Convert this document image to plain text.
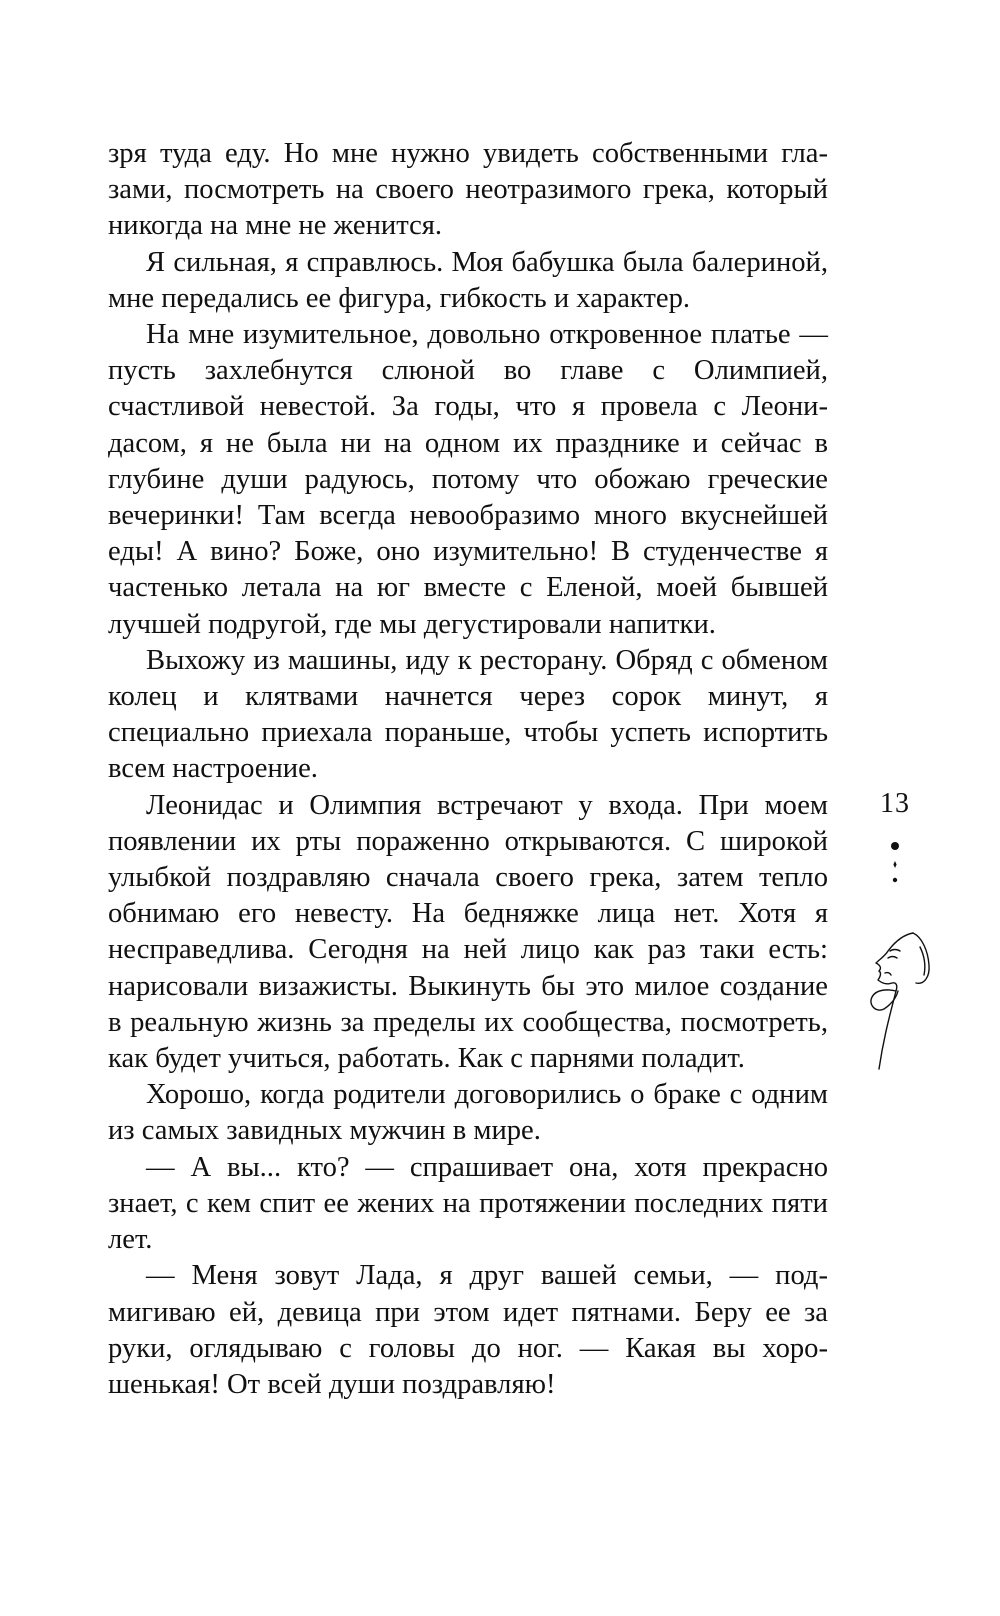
зря туда еду. Но мне нужно увидеть собственными глазами, посмотреть на своего неотразимого грека, который никогда на мне не женится.

Я сильная, я справлюсь. Моя бабушка была балериной, мне передались ее фигура, гибкость и характер.

На мне изумительное, довольно откровенное платье — пусть захлебнутся слюной во главе с Олимпией, счастливой невестой. За годы, что я провела с Леонидасом, я не была ни на одном их празднике и сейчас в глубине души радуюсь, потому что обожаю греческие вечеринки! Там всегда невообразимо много вкуснейшей еды! А вино? Боже, оно изумительно! В студенчестве я частенько летала на юг вместе с Еленой, моей бывшей лучшей подругой, где мы дегустировали напитки.

Выхожу из машины, иду к ресторану. Обряд с обменом колец и клятвами начнется через сорок минут, я специально приехала пораньше, чтобы успеть испортить всем настроение.

Леонидас и Олимпия встречают у входа. При моем появлении их рты пораженно открываются. С широкой улыбкой поздравляю сначала своего грека, затем тепло обнимаю его невесту. На бедняжке лица нет. Хотя я несправедлива. Сегодня на ней лицо как раз таки есть: нарисовали визажисты. Выкинуть бы это милое создание в реальную жизнь за пределы их сообщества, посмотреть, как будет учиться, работать. Как с парнями поладит.

Хорошо, когда родители договорились о браке с одним из самых завидных мужчин в мире.

— А вы... кто? — спрашивает она, хотя прекрасно знает, с кем спит ее жених на протяжении последних пяти лет.

— Меня зовут Лада, я друг вашей семьи, — подмигиваю ей, девица при этом идет пятнами. Беру ее за руки, оглядываю с головы до ног. — Какая вы хорошенькая! От всей души поздравляю!

13
